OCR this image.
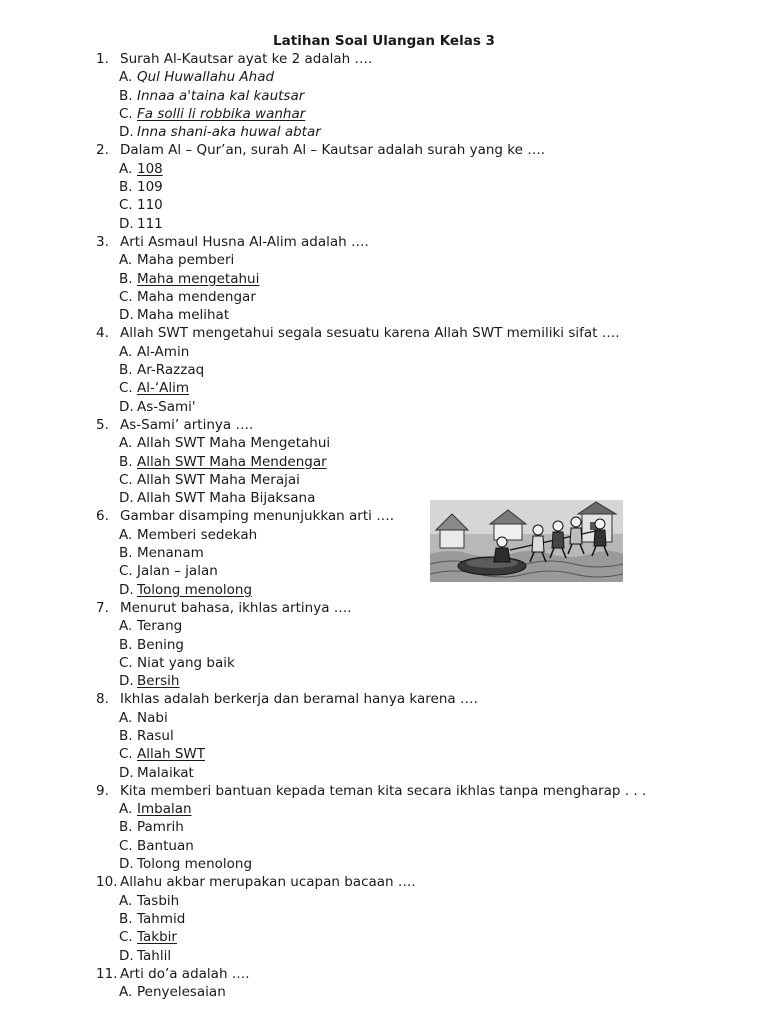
Latihan Soal Ulangan Kelas 3
1. Surah Al-Kautsar ayat ke 2 adalah ….
A. Qul Huwallahu Ahad
B. Innaa a'taina kal kautsar
C. Fa solli li robbika wanhar
D. Inna shani-aka huwal abtar
2. Dalam Al – Qur’an, surah Al – Kautsar adalah surah yang ke ….
A. 108
B. 109
C. 110
D. 111
3. Arti Asmaul Husna Al-Alim adalah ….
A. Maha pemberi
B. Maha mengetahui
C. Maha mendengar
D. Maha melihat
4. Allah SWT mengetahui segala sesuatu karena Allah SWT memiliki sifat ….
A. Al-Amin
B. Ar-Razzaq
C. Al-‘Alim
D. As-Sami'
5. As-Sami’ artinya ….
A. Allah SWT Maha Mengetahui
B. Allah SWT Maha Mendengar
C. Allah SWT Maha Merajai
D. Allah SWT Maha Bijaksana
6. Gambar disamping menunjukkan arti ….
A. Memberi sedekah
B. Menanam
C. Jalan – jalan
D. Tolong menolong
7. Menurut bahasa, ikhlas artinya ….
A. Terang
B. Bening
C. Niat yang baik
D. Bersih
8. Ikhlas adalah berkerja dan beramal hanya karena ….
A. Nabi
B. Rasul
C. Allah SWT
D. Malaikat
9. Kita memberi bantuan kepada teman kita secara ikhlas tanpa mengharap . . .
A. Imbalan
B. Pamrih
C. Bantuan
D. Tolong menolong
10. Allahu akbar merupakan ucapan bacaan ….
A. Tasbih
B. Tahmid
C. Takbir
D. Tahlil
11. Arti do’a adalah ….
A. Penyelesaian
